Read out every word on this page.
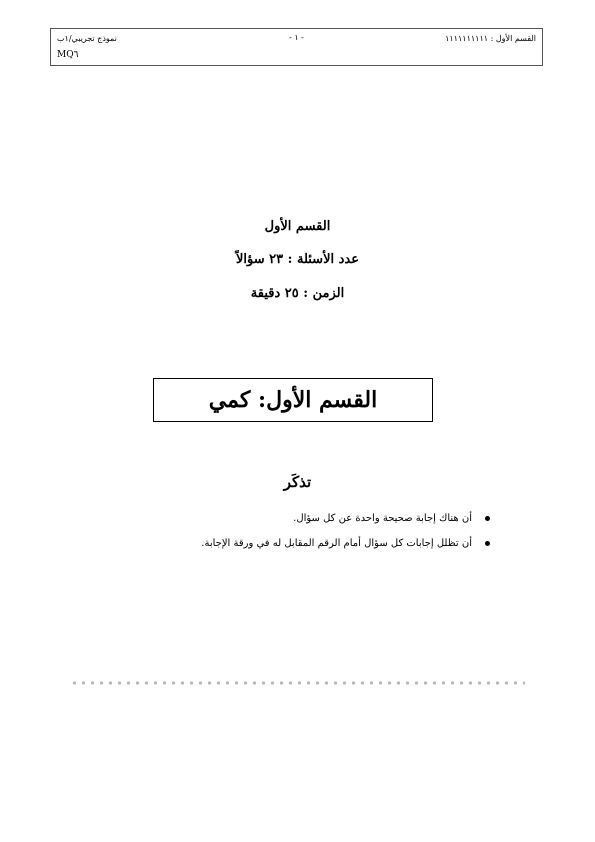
القسم الأول : ١١١١١١١١١١
- ١ -
نموذج تجريبي/١ب
MQ٦
القسم الأول
عدد الأسئلة : ٢٣ سؤالاً
الزمن : ٢٥ دقيقة
القسم الأول: كمي
تذكَر
أن هناك إجابة صحيحة واحدة عن كل سؤال.
أن تظلل إجابات كل سؤال أمام الرقم المقابل له في ورقة الإجابة.
